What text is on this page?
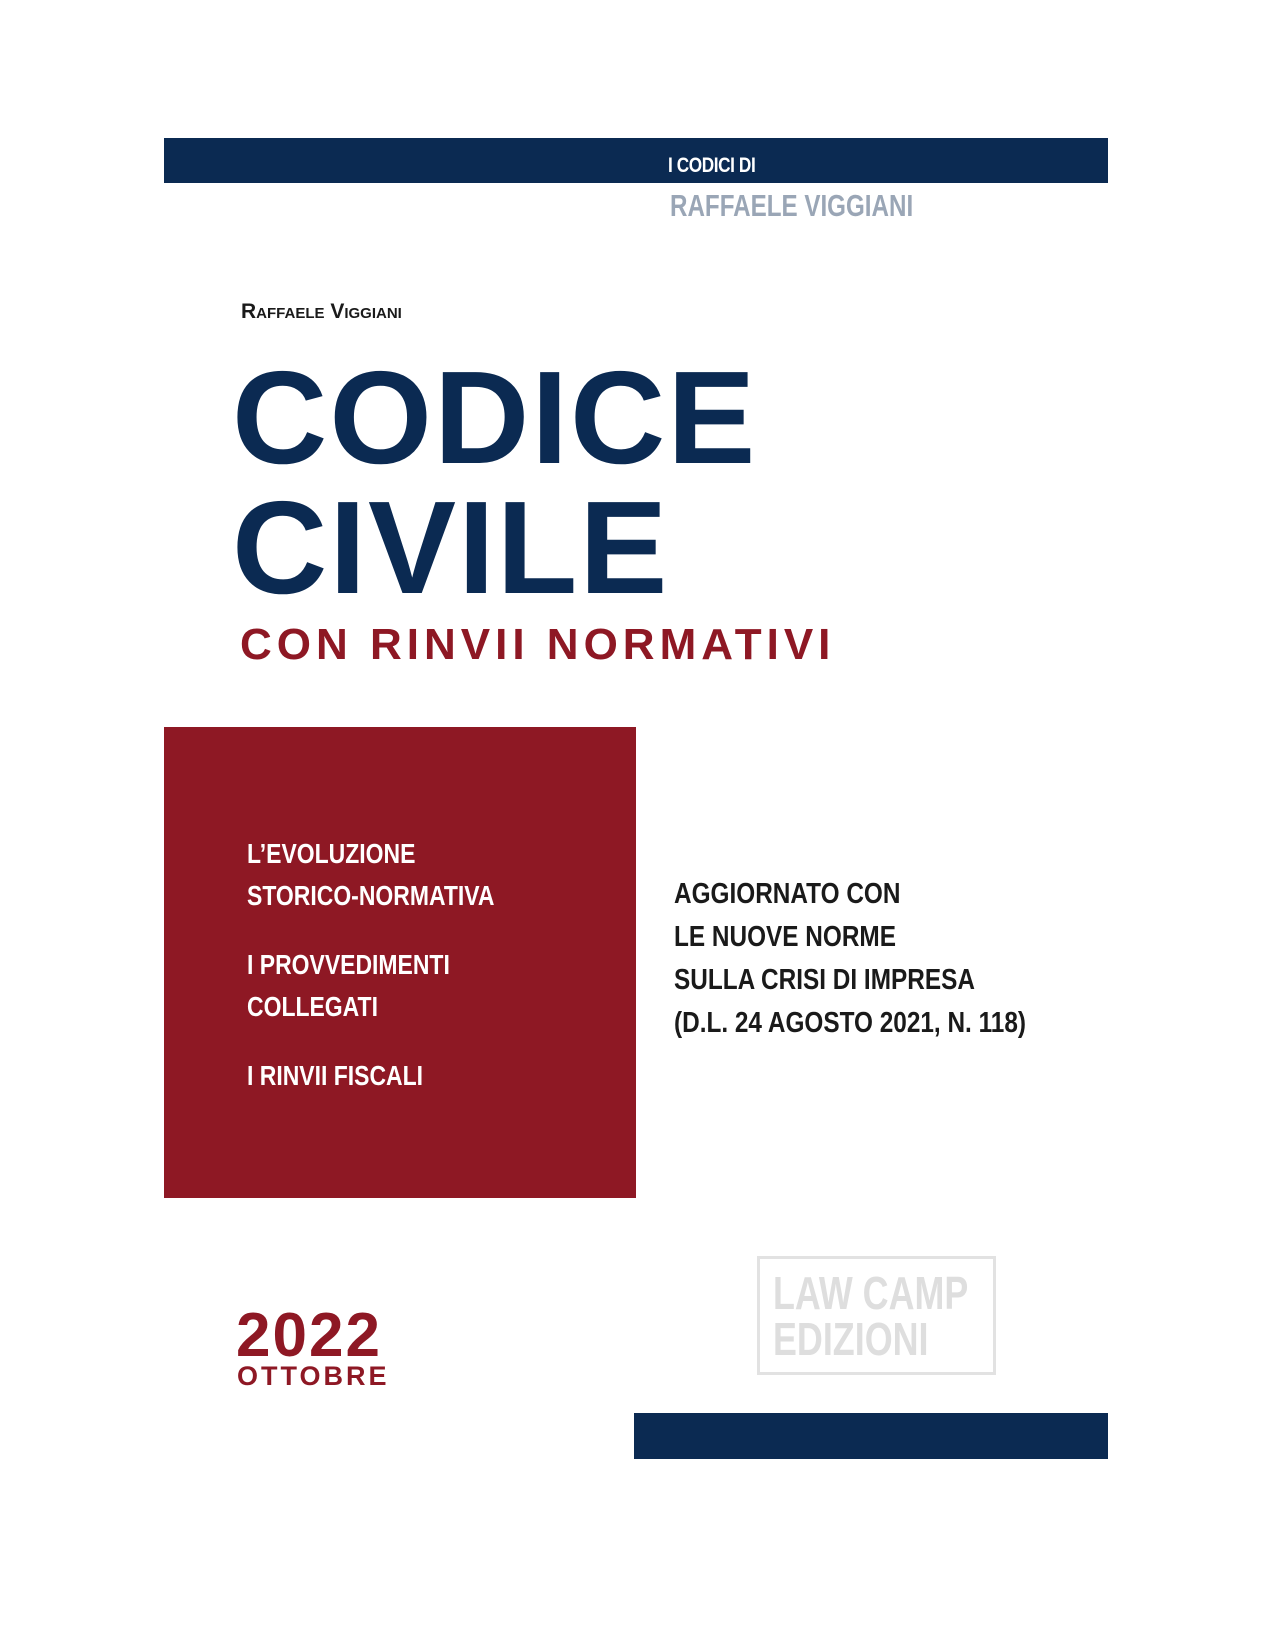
I CODICI DI
RAFFAELE VIGGIANI
Raffaele Viggiani
CODICE
CIVILE
CON RINVII NORMATIVI
L’EVOLUZIONE
STORICO-NORMATIVA
I PROVVEDIMENTI
COLLEGATI
I RINVII FISCALI
AGGIORNATO CON
LE NUOVE NORME
SULLA CRISI DI IMPRESA
(D.L. 24 AGOSTO 2021, N. 118)
LAW CAMP
EDIZIONI
2022
OTTOBRE
